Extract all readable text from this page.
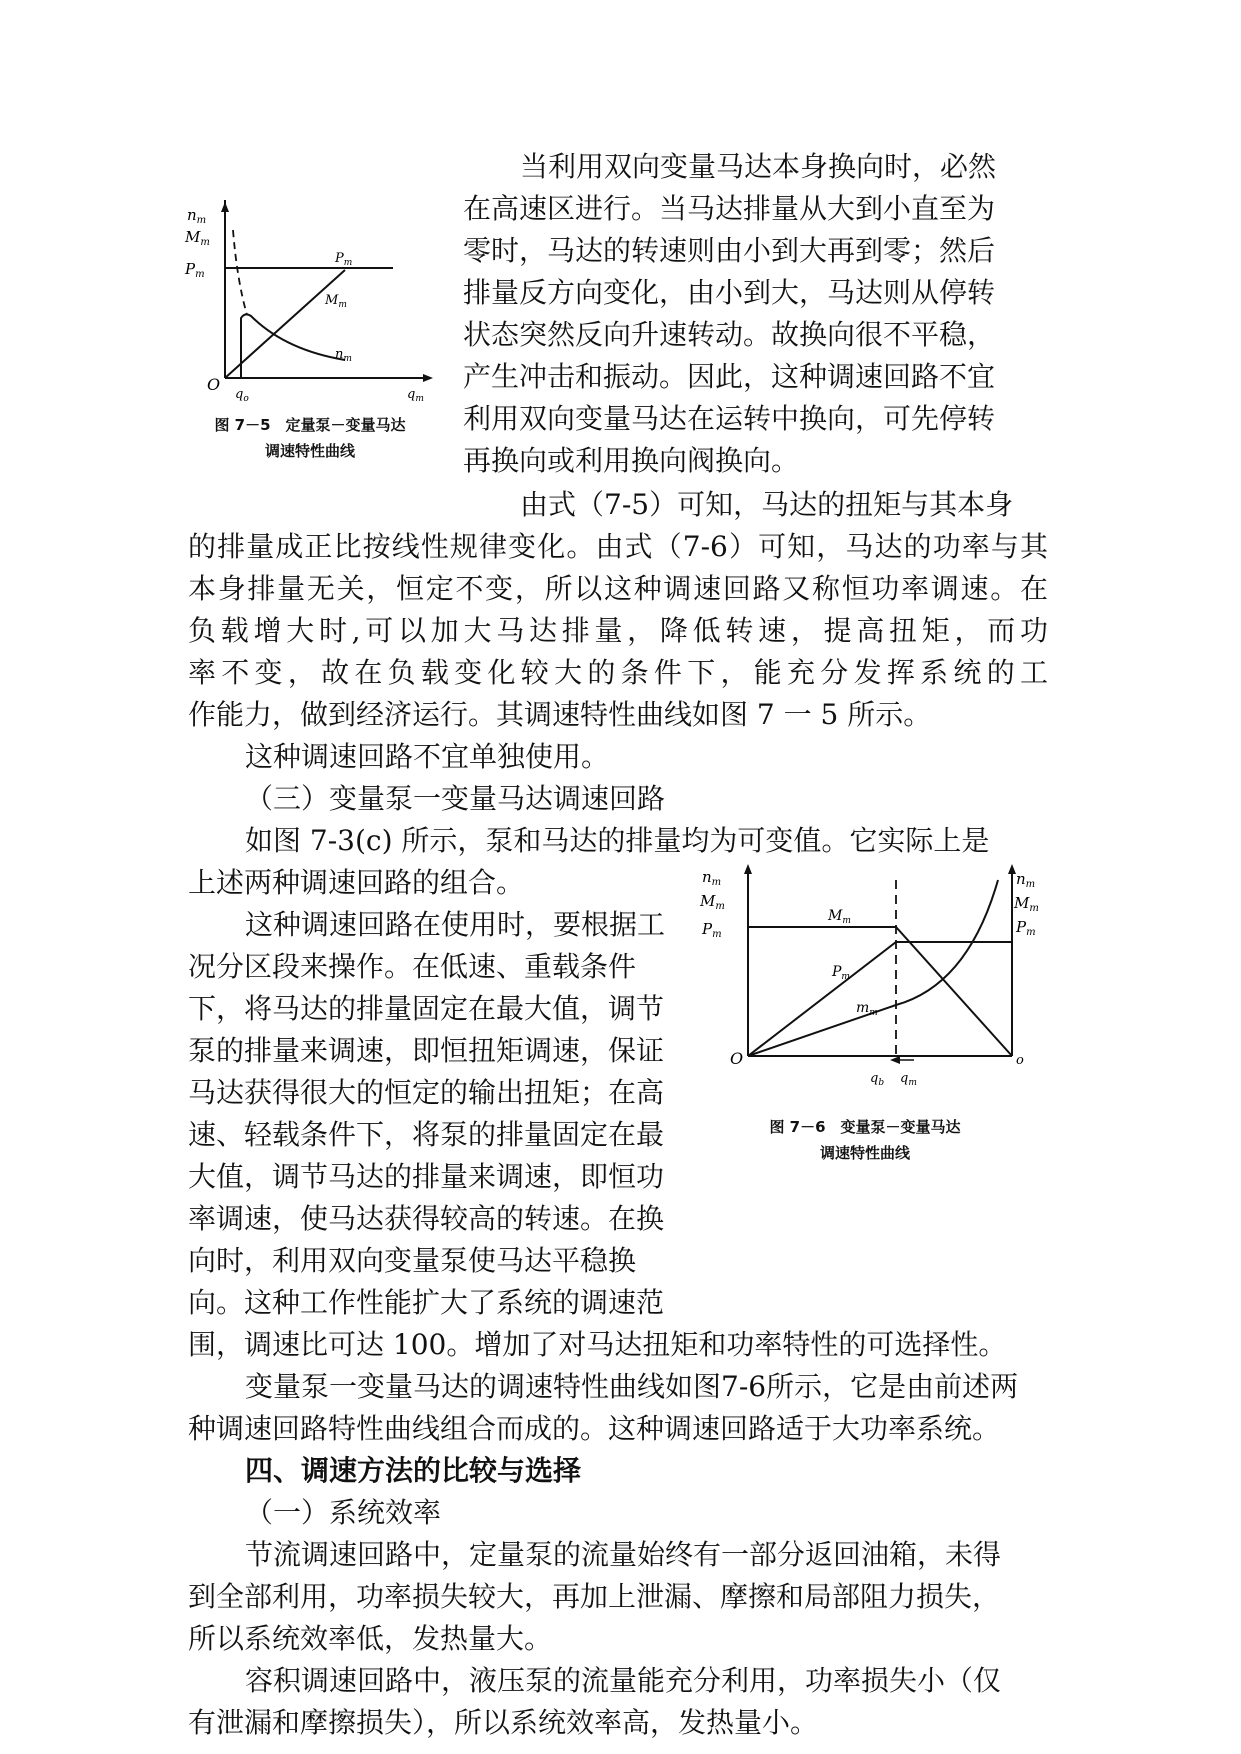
$n_m$
$M_m$
$P_m$
O
$q_o$	$q_m$
$P_m$
$M_m$
$n_m$
图 7－5　定量泵－变量马达
调速特性曲线
$n_m$
$M_m$
$P_m$
$n_m$
$M_m$
$P_m$
$M_m$
$P_m$
$m_m$
O	o
$q_b$ $q_m$
图 7－6　变量泵－变量马达
调速特性曲线
当利用双向变量马达本身换向时，必然
在高速区进行。当马达排量从大到小直至为
零时，马达的转速则由小到大再到零；然后
排量反方向变化，由小到大，马达则从停转
状态突然反向升速转动。故换向很不平稳，
产生冲击和振动。因此，这种调速回路不宜
利用双向变量马达在运转中换向，可先停转
再换向或利用换向阀换向。
由式（7-5）可知，马达的扭矩与其本身
的排量成正比按线性规律变化。由式（7-6）可知，马达的功率与其
本身排量无关，恒定不变，所以这种调速回路又称恒功率调速。在
负载增大时,可以加大马达排量，降低转速，提高扭矩，而功
率不变，故在负载变化较大的条件下，能充分发挥系统的工
作能力，做到经济运行。其调速特性曲线如图 7 一 5 所示。
这种调速回路不宜单独使用。
（三）变量泵一变量马达调速回路
如图 7-3(c) 所示，泵和马达的排量均为可变值。它实际上是
上述两种调速回路的组合。
这种调速回路在使用时，要根据工
况分区段来操作。在低速、重载条件
下，将马达的排量固定在最大值，调节
泵的排量来调速，即恒扭矩调速，保证
马达获得很大的恒定的输出扭矩；在高
速、轻载条件下，将泵的排量固定在最
大值，调节马达的排量来调速，即恒功
率调速，使马达获得较高的转速。在换
向时，利用双向变量泵使马达平稳换
向。这种工作性能扩大了系统的调速范
围，调速比可达 100。增加了对马达扭矩和功率特性的可选择性。
变量泵一变量马达的调速特性曲线如图7-6所示，它是由前述两
种调速回路特性曲线组合而成的。这种调速回路适于大功率系统。
四、调速方法的比较与选择
（一）系统效率
节流调速回路中，定量泵的流量始终有一部分返回油箱，未得
到全部利用，功率损失较大，再加上泄漏、摩擦和局部阻力损失，
所以系统效率低，发热量大。
容积调速回路中，液压泵的流量能充分利用，功率损失小（仅
有泄漏和摩擦损失），所以系统效率高，发热量小。
